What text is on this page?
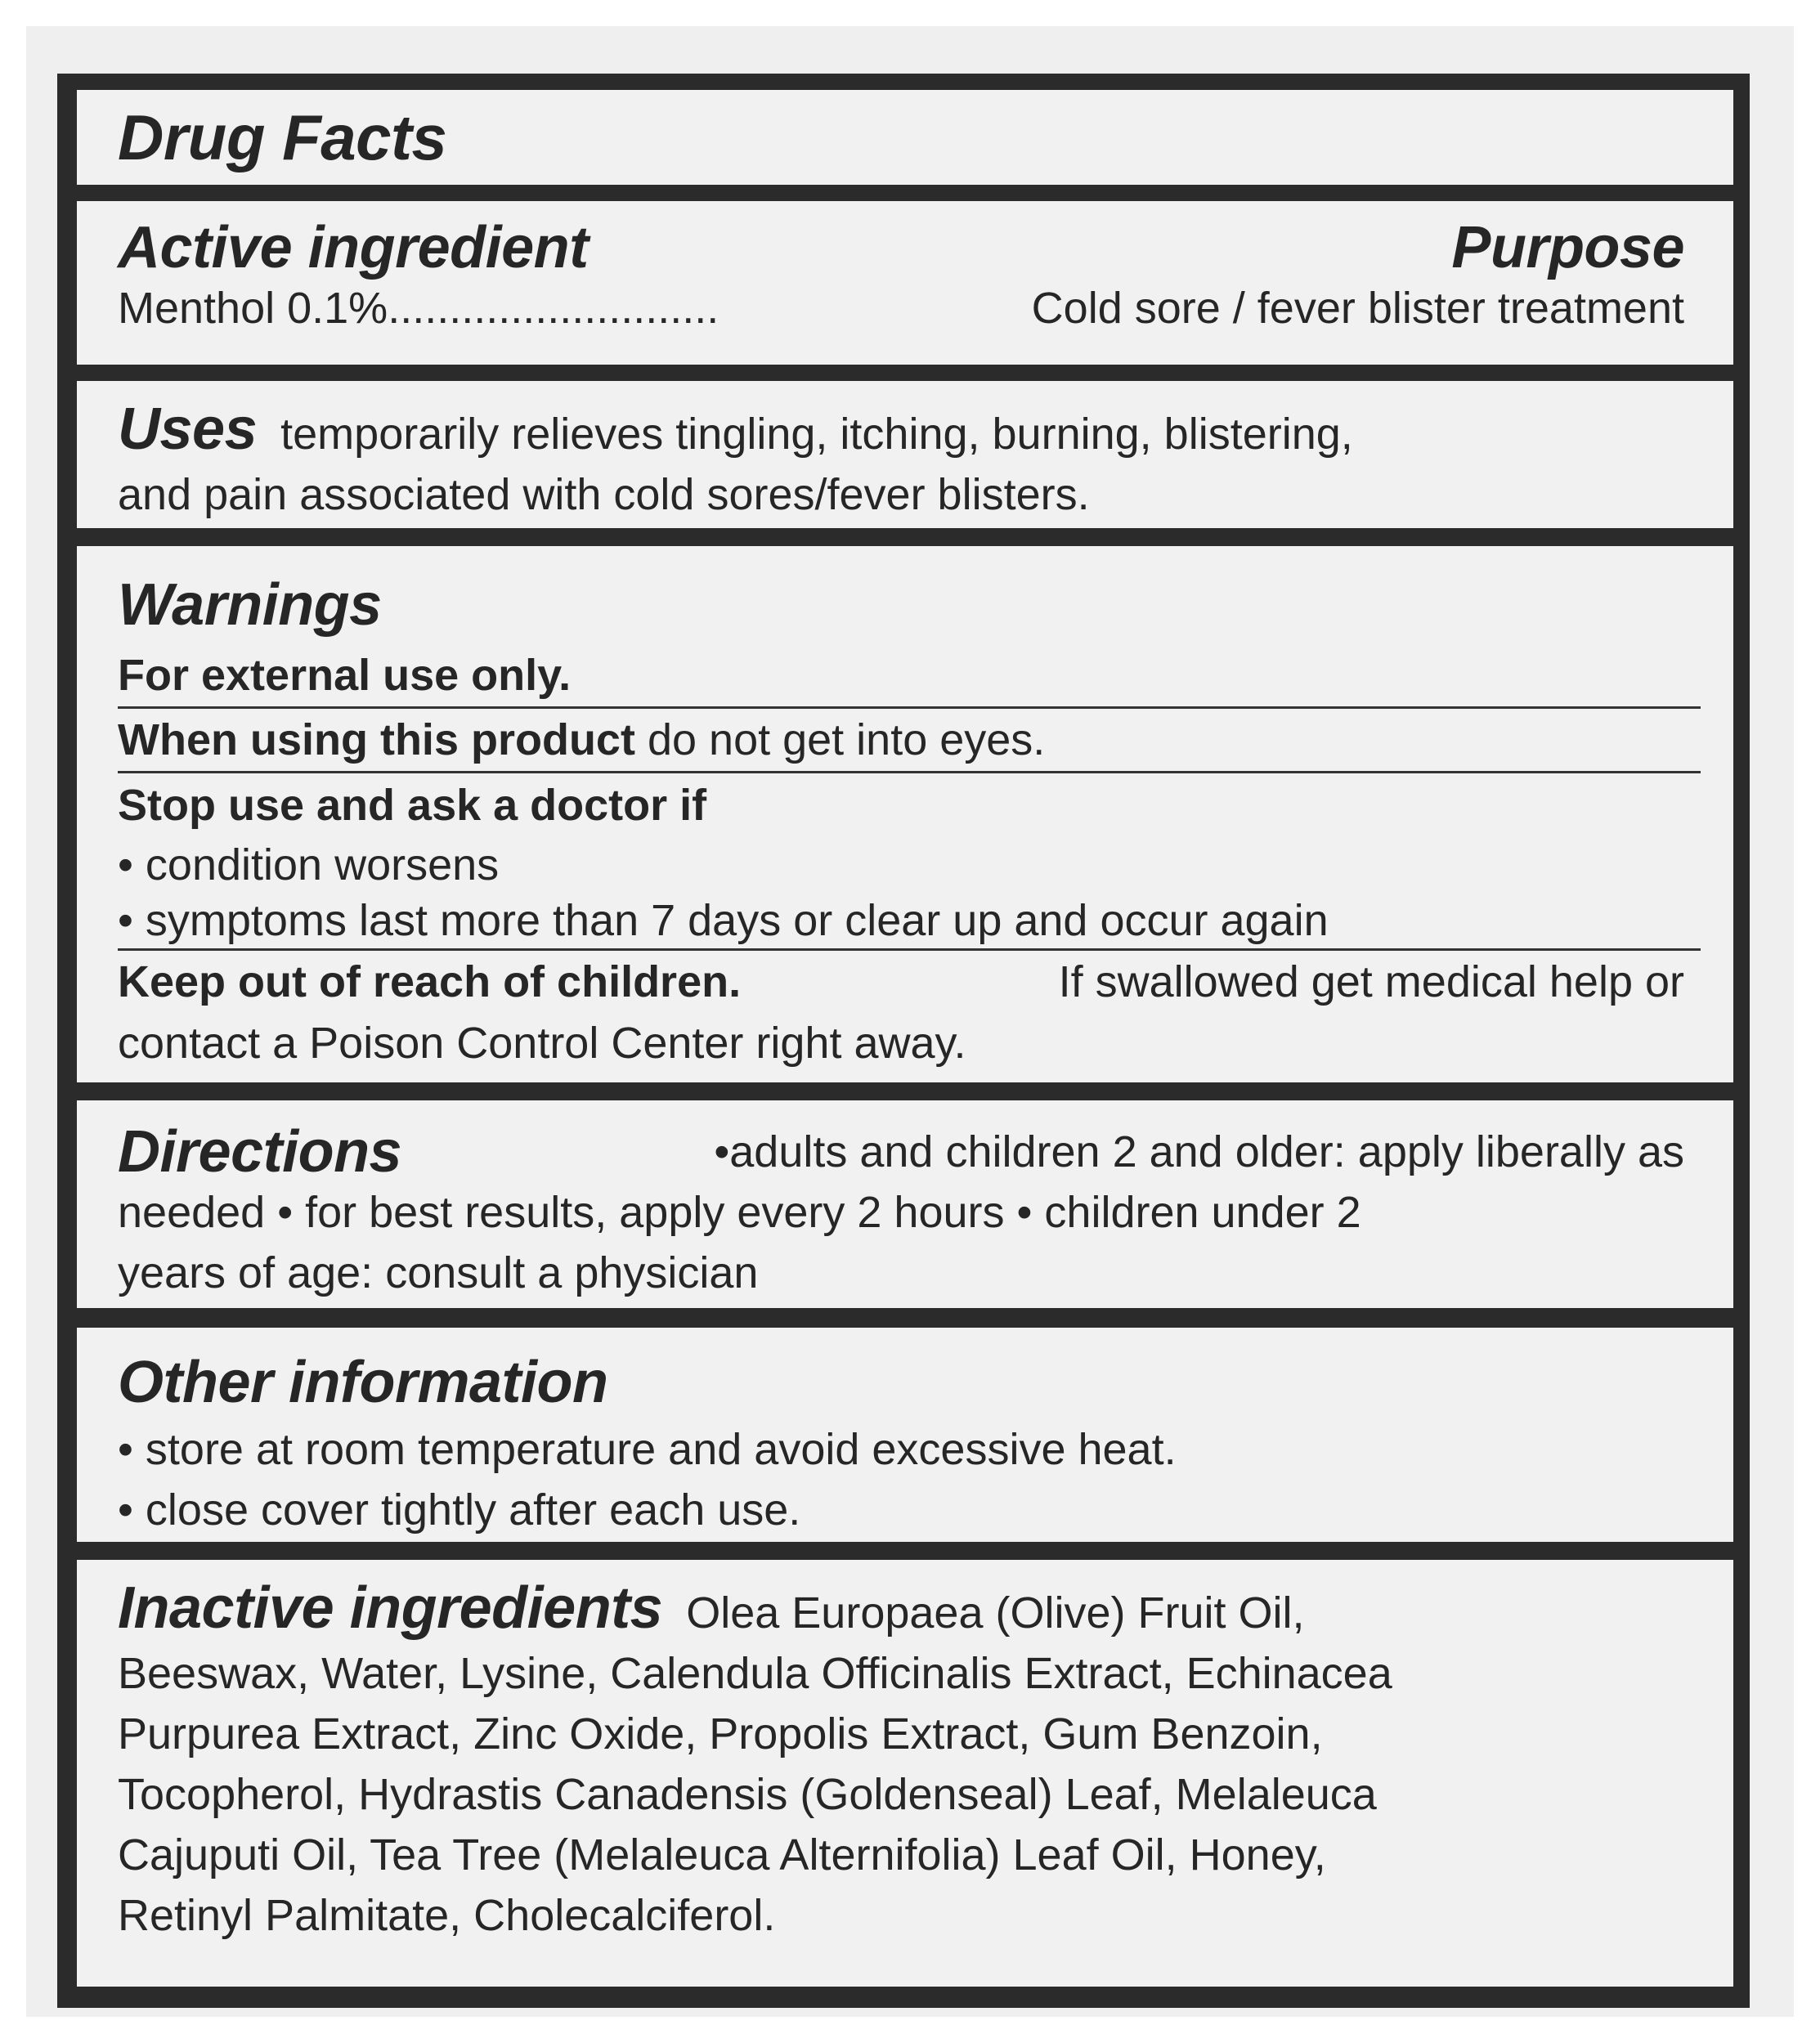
Drug Facts
Active ingredient	Purpose
Menthol 0.1%...........................	Cold sore / fever blister treatment
Uses temporarily relieves tingling, itching, burning, blistering,
and pain associated with cold sores/fever blisters.
Warnings
For external use only.
When using this product do not get into eyes.
Stop use and ask a doctor if
• condition worsens
• symptoms last more than 7 days or clear up and occur again
Keep out of reach of children.	If swallowed get medical help or
contact a Poison Control Center right away.
Directions	•adults and children 2 and older: apply liberally as
needed • for best results, apply every 2 hours • children under 2
years of age: consult a physician
Other information
• store at room temperature and avoid excessive heat.
• close cover tightly after each use.
Inactive ingredients Olea Europaea (Olive) Fruit Oil,
Beeswax, Water, Lysine, Calendula Officinalis Extract, Echinacea
Purpurea Extract, Zinc Oxide, Propolis Extract, Gum Benzoin,
Tocopherol, Hydrastis Canadensis (Goldenseal) Leaf, Melaleuca
Cajuputi Oil, Tea Tree (Melaleuca Alternifolia) Leaf Oil, Honey,
Retinyl Palmitate, Cholecalciferol.
